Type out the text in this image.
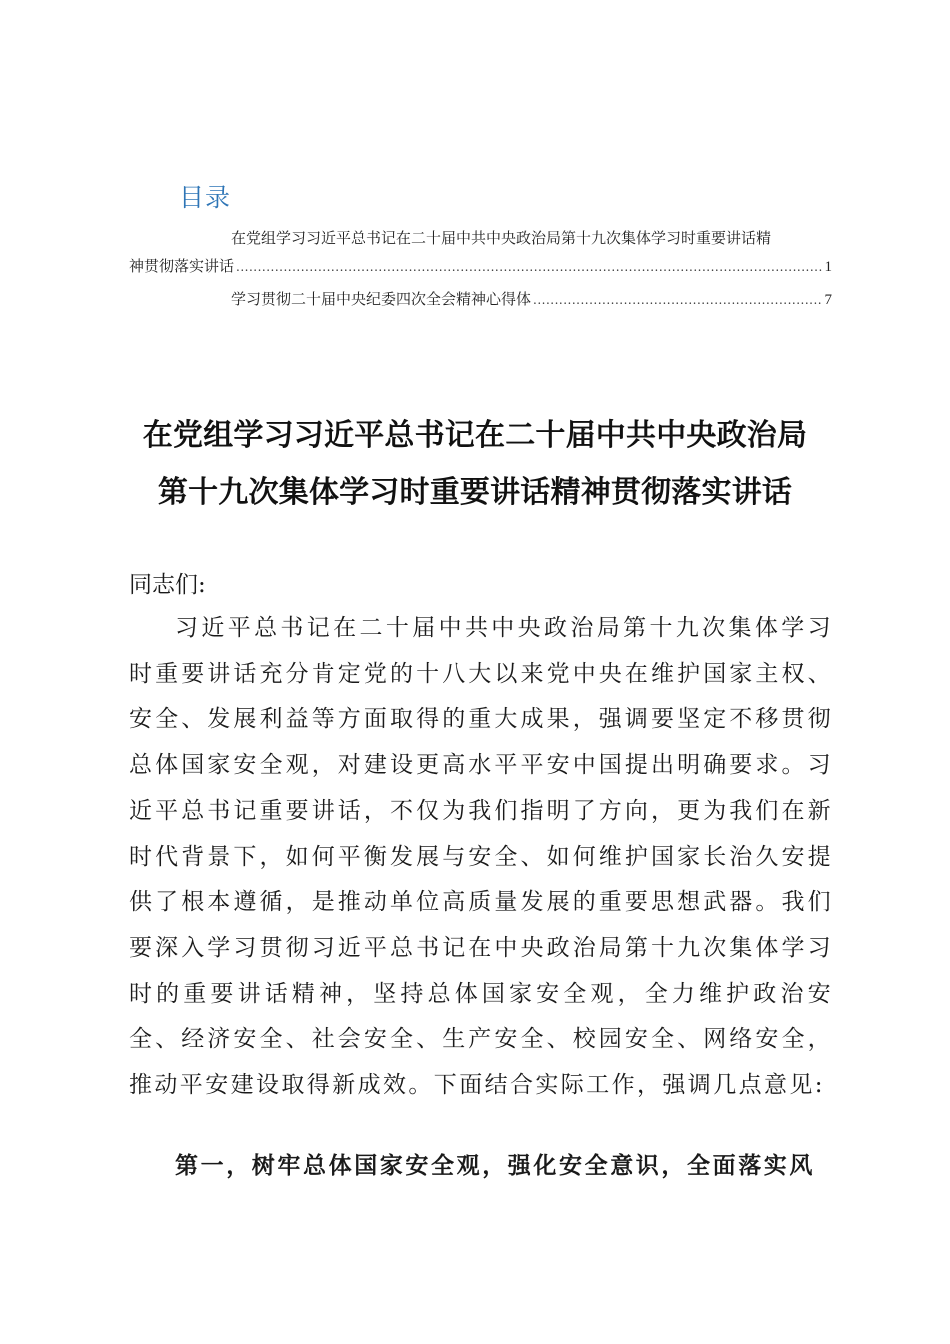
目录
在党组学习习近平总书记在二十届中共中央政治局第十九次集体学习时重要讲话精
神贯彻落实讲话 .....	1
学习贯彻二十届中央纪委四次全会精神心得体 .....	7
在党组学习习近平总书记在二十届中共中央政治局
第十九次集体学习时重要讲话精神贯彻落实讲话
同志们:
习近平总书记在二十届中共中央政治局第十九次集体学习时重要讲话充分肯定党的十八大以来党中央在维护国家主权、安全、发展利益等方面取得的重大成果，强调要坚定不移贯彻总体国家安全观，对建设更高水平平安中国提出明确要求。习近平总书记重要讲话，不仅为我们指明了方向，更为我们在新时代背景下，如何平衡发展与安全、如何维护国家长治久安提供了根本遵循，是推动单位高质量发展的重要思想武器。我们要深入学习贯彻习近平总书记在中央政治局第十九次集体学习时的重要讲话精神，坚持总体国家安全观，全力维护政治安全、经济安全、社会安全、生产安全、校园安全、网络安全，推动平安建设取得新成效。下面结合实际工作，强调几点意见:
第一，树牢总体国家安全观，强化安全意识，全面落实风
